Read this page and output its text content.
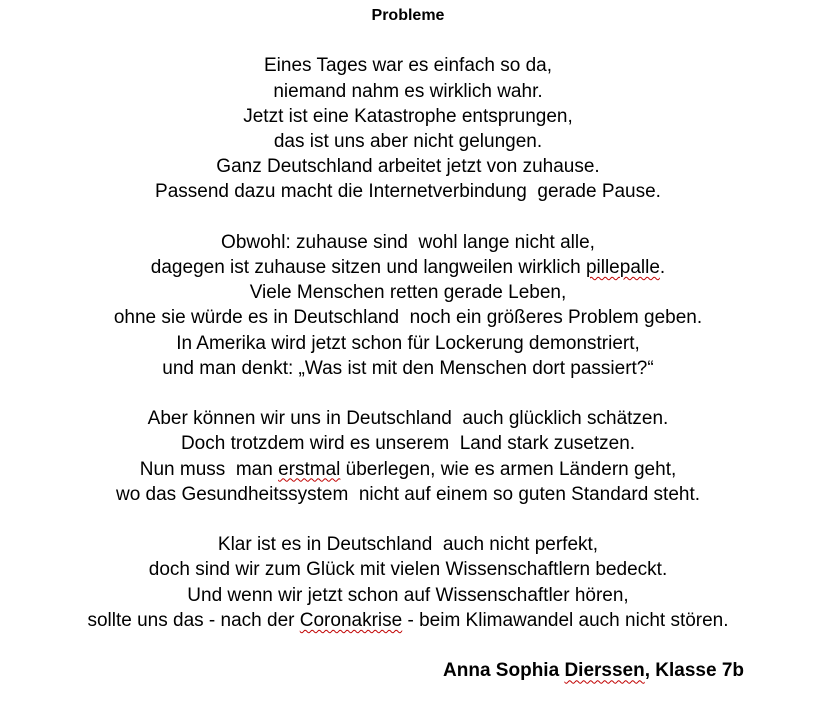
Probleme

Eines Tages war es einfach so da,
niemand nahm es wirklich wahr.
Jetzt ist eine Katastrophe entsprungen,
das ist uns aber nicht gelungen.
Ganz Deutschland arbeitet jetzt von zuhause.
Passend dazu macht die Internetverbindung  gerade Pause.

Obwohl: zuhause sind  wohl lange nicht alle,
dagegen ist zuhause sitzen und langweilen wirklich pillepalle.
Viele Menschen retten gerade Leben,
ohne sie würde es in Deutschland  noch ein größeres Problem geben.
In Amerika wird jetzt schon für Lockerung demonstriert,
und man denkt: „Was ist mit den Menschen dort passiert?“

Aber können wir uns in Deutschland  auch glücklich schätzen.
Doch trotzdem wird es unserem  Land stark zusetzen.
Nun muss  man erstmal überlegen, wie es armen Ländern geht,
wo das Gesundheitssystem  nicht auf einem so guten Standard steht.

Klar ist es in Deutschland  auch nicht perfekt,
doch sind wir zum Glück mit vielen Wissenschaftlern bedeckt.
Und wenn wir jetzt schon auf Wissenschaftler hören,
sollte uns das - nach der Coronakrise - beim Klimawandel auch nicht stören.

Anna Sophia Dierssen, Klasse 7b
